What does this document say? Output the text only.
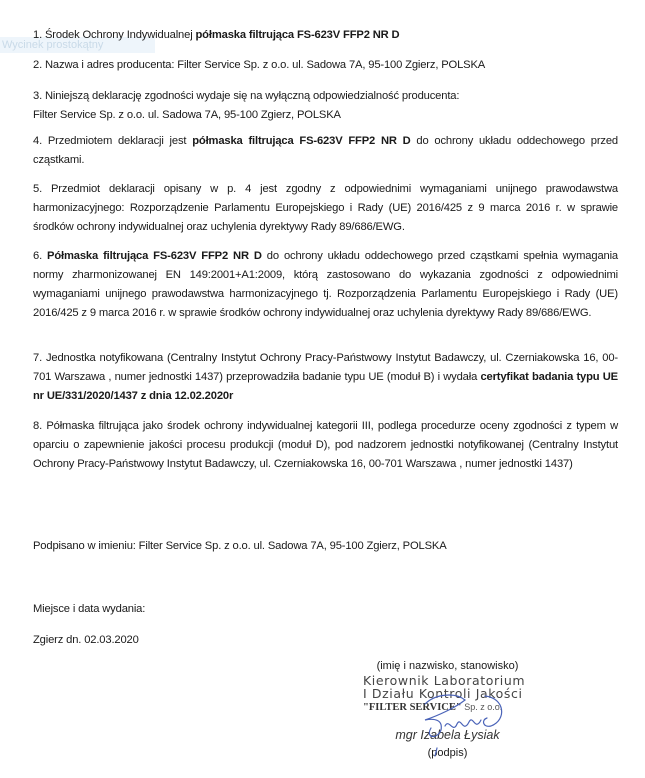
Wycinek prostokątny

1. Środek Ochrony Indywidualnej półmaska filtrująca FS-623V FFP2 NR D

2. Nazwa i adres producenta: Filter Service Sp. z o.o. ul. Sadowa 7A, 95-100 Zgierz, POLSKA

3. Niniejszą deklarację zgodności wydaje się na wyłączną odpowiedzialność producenta:
Filter Service Sp. z o.o. ul. Sadowa 7A, 95-100 Zgierz, POLSKA

4. Przedmiotem deklaracji jest półmaska filtrująca FS-623V FFP2 NR D do ochrony układu oddechowego przed cząstkami.

5. Przedmiot deklaracji opisany w p. 4 jest zgodny z odpowiednimi wymaganiami unijnego prawodawstwa harmonizacyjnego: Rozporządzenie Parlamentu Europejskiego i Rady (UE) 2016/425 z 9 marca 2016 r. w sprawie środków ochrony indywidualnej oraz uchylenia dyrektywy Rady 89/686/EWG.

6. Półmaska filtrująca FS-623V FFP2 NR D do ochrony układu oddechowego przed cząstkami spełnia wymagania normy zharmonizowanej EN 149:2001+A1:2009, którą zastosowano do wykazania zgodności z odpowiednimi wymaganiami unijnego prawodawstwa harmonizacyjnego tj. Rozporządzenia Parlamentu Europejskiego i Rady (UE) 2016/425 z 9 marca 2016 r. w sprawie środków ochrony indywidualnej oraz uchylenia dyrektywy Rady 89/686/EWG.

7. Jednostka notyfikowana (Centralny Instytut Ochrony Pracy-Państwowy Instytut Badawczy, ul. Czerniakowska 16, 00-701 Warszawa , numer jednostki 1437) przeprowadziła badanie typu UE (moduł B) i wydała certyfikat badania typu UE nr UE/331/2020/1437 z dnia 12.02.2020r

8. Półmaska filtrująca jako środek ochrony indywidualnej kategorii III, podlega procedurze oceny zgodności z typem w oparciu o zapewnienie jakości procesu produkcji (moduł D), pod nadzorem jednostki notyfikowanej (Centralny Instytut Ochrony Pracy-Państwowy Instytut Badawczy, ul. Czerniakowska 16, 00-701 Warszawa , numer jednostki 1437)

Podpisano w imieniu: Filter Service Sp. z o.o. ul. Sadowa 7A, 95-100 Zgierz, POLSKA

Miejsce i data wydania:

Zgierz dn. 02.03.2020

(imię i nazwisko, stanowisko)
Kierownik Laboratorium
I Działu Kontroli Jakości
"FILTER SERVICE" Sp. z o.o.
mgr Izabela Łysiak
(podpis)
